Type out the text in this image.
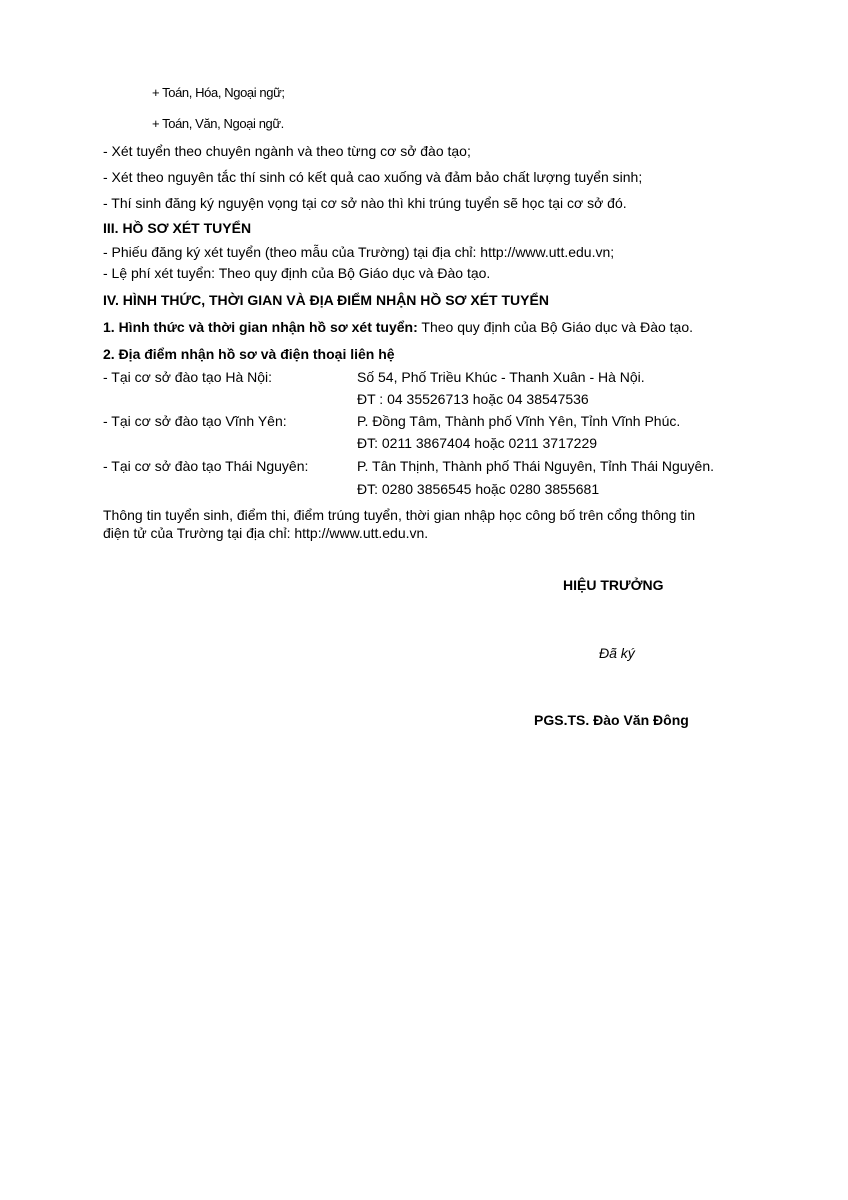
+ Toán, Hóa, Ngoại ngữ;
+ Toán, Văn, Ngoại ngữ.
- Xét tuyển theo chuyên ngành và theo từng cơ sở đào tạo;
- Xét theo nguyên tắc thí sinh có kết quả cao xuống và đảm bảo chất lượng tuyển sinh;
- Thí sinh đăng ký nguyện vọng tại cơ sở nào thì khi trúng tuyển sẽ học tại cơ sở đó.
III. HỒ SƠ XÉT TUYỂN
- Phiếu đăng ký xét tuyển (theo mẫu của Trường) tại địa chỉ: http://www.utt.edu.vn;
- Lệ phí xét tuyển: Theo quy định của Bộ Giáo dục và Đào tạo.
IV. HÌNH THỨC, THỜI GIAN VÀ ĐỊA ĐIỂM NHẬN HỒ SƠ XÉT TUYỂN
1. Hình thức và thời gian nhận hồ sơ xét tuyển: Theo quy định của Bộ Giáo dục và Đào tạo.
2. Địa điểm nhận hồ sơ và điện thoại liên hệ
- Tại cơ sở đào tạo Hà Nội:	Số 54, Phố Triều Khúc - Thanh Xuân - Hà Nội.
ĐT : 04 35526713 hoặc 04 38547536
- Tại cơ sở đào tạo Vĩnh Yên:	P. Đồng Tâm, Thành phố Vĩnh Yên, Tỉnh Vĩnh Phúc.
ĐT: 0211 3867404 hoặc 0211 3717229
- Tại cơ sở đào tạo Thái Nguyên:	P. Tân Thịnh, Thành phố Thái Nguyên, Tỉnh Thái Nguyên.
ĐT: 0280 3856545 hoặc 0280 3855681
Thông tin tuyển sinh, điểm thi, điểm trúng tuyển, thời gian nhập học công bố trên cổng thông tin
điện tử của Trường tại địa chỉ: http://www.utt.edu.vn.
HIỆU TRƯỞNG
Đã ký
PGS.TS. Đào Văn Đông
